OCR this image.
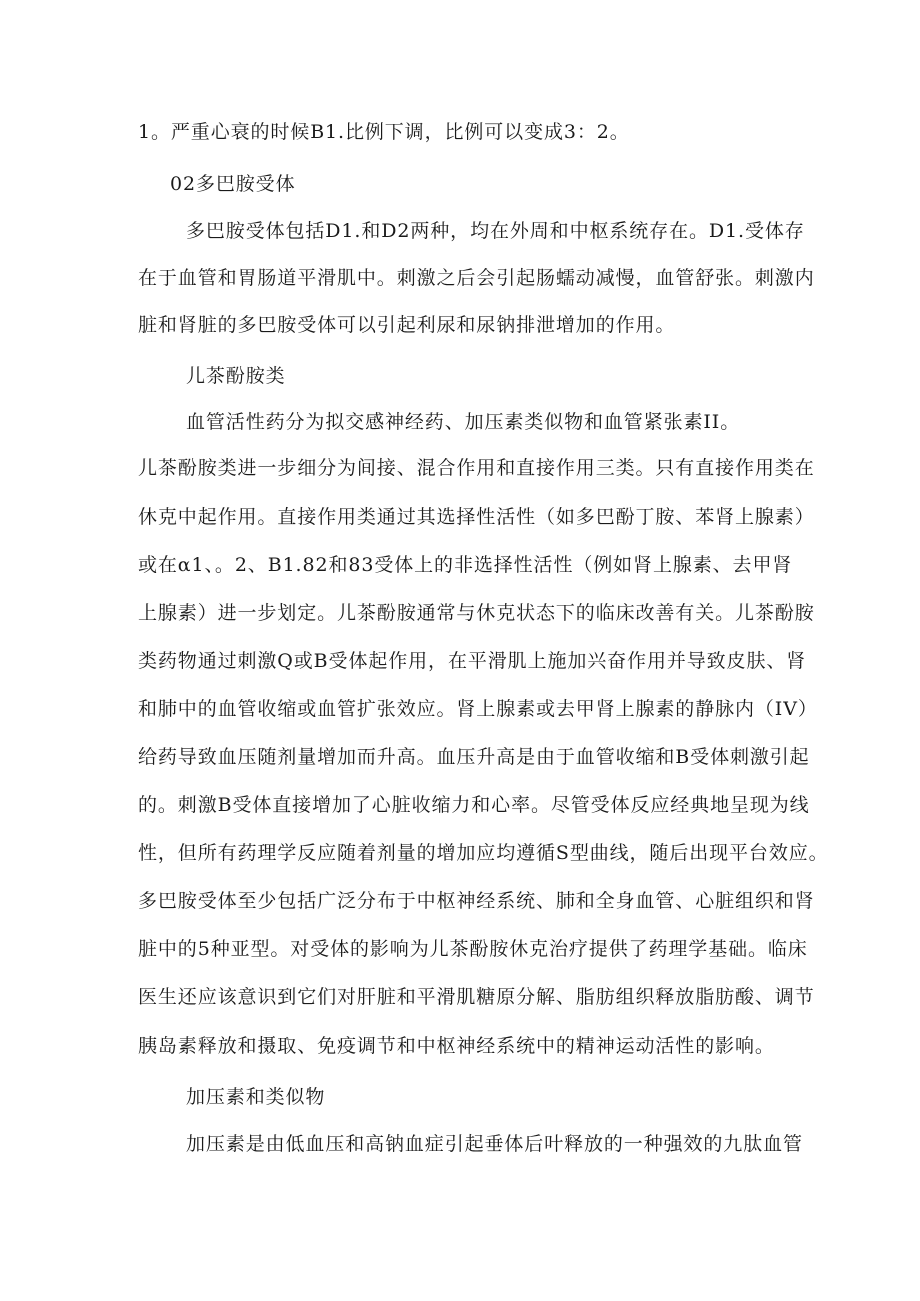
1。严重心衰的时候B1.比例下调，比例可以变成3：2。
02多巴胺受体
多巴胺受体包括D1.和D2两种，均在外周和中枢系统存在。D1.受体存
在于血管和胃肠道平滑肌中。刺激之后会引起肠蠕动减慢，血管舒张。刺激内
脏和肾脏的多巴胺受体可以引起利尿和尿钠排泄增加的作用。
儿茶酚胺类
血管活性药分为拟交感神经药、加压素类似物和血管紧张素II。
儿茶酚胺类进一步细分为间接、混合作用和直接作用三类。只有直接作用类在
休克中起作用。直接作用类通过其选择性活性（如多巴酚丁胺、苯肾上腺素）
或在α1、。2、B1.82和83受体上的非选择性活性（例如肾上腺素、去甲肾
上腺素）进一步划定。儿茶酚胺通常与休克状态下的临床改善有关。儿茶酚胺
类药物通过刺激Q或B受体起作用，在平滑肌上施加兴奋作用并导致皮肤、肾
和肺中的血管收缩或血管扩张效应。肾上腺素或去甲肾上腺素的静脉内（IV）
给药导致血压随剂量增加而升高。血压升高是由于血管收缩和B受体刺激引起
的。刺激B受体直接增加了心脏收缩力和心率。尽管受体反应经典地呈现为线
性，但所有药理学反应随着剂量的增加应均遵循S型曲线，随后出现平台效应。
多巴胺受体至少包括广泛分布于中枢神经系统、肺和全身血管、心脏组织和肾
脏中的5种亚型。对受体的影响为儿茶酚胺休克治疗提供了药理学基础。临床
医生还应该意识到它们对肝脏和平滑肌糖原分解、脂肪组织释放脂肪酸、调节
胰岛素释放和摄取、免疫调节和中枢神经系统中的精神运动活性的影响。
加压素和类似物
加压素是由低血压和高钠血症引起垂体后叶释放的一种强效的九肽血管
